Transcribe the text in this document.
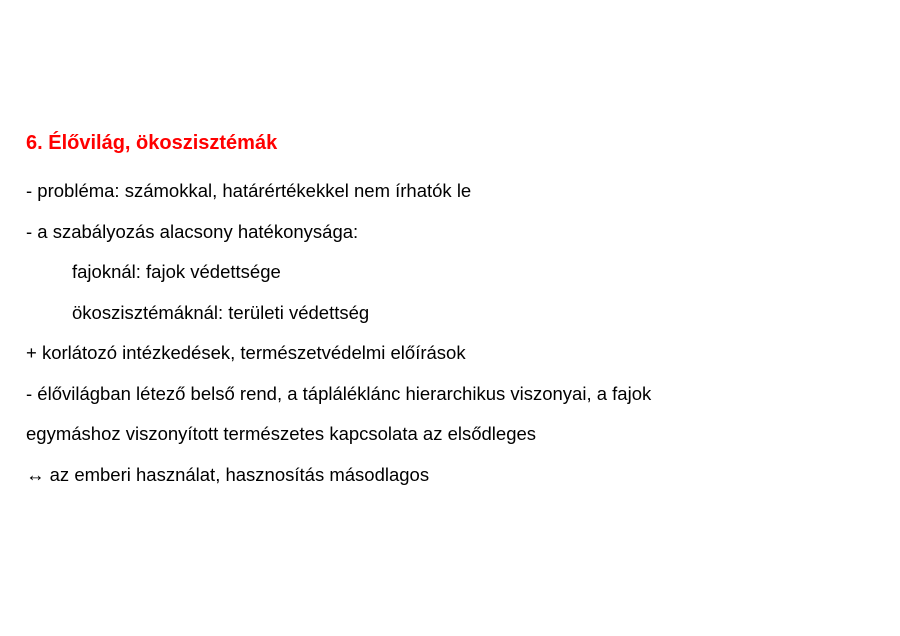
6. Élővilág, ökoszisztémák
- probléma: számokkal, határértékekkel nem írhatók le
- a szabályozás alacsony hatékonysága:
fajoknál: fajok védettsége
ökoszisztémáknál: területi védettség
+ korlátozó intézkedések, természetvédelmi előírások
- élővilágban létező belső rend, a tápláléklánc hierarchikus viszonyai, a fajok
egymáshoz viszonyított természetes kapcsolata az elsődleges
↔ az emberi használat, hasznosítás másodlagos
